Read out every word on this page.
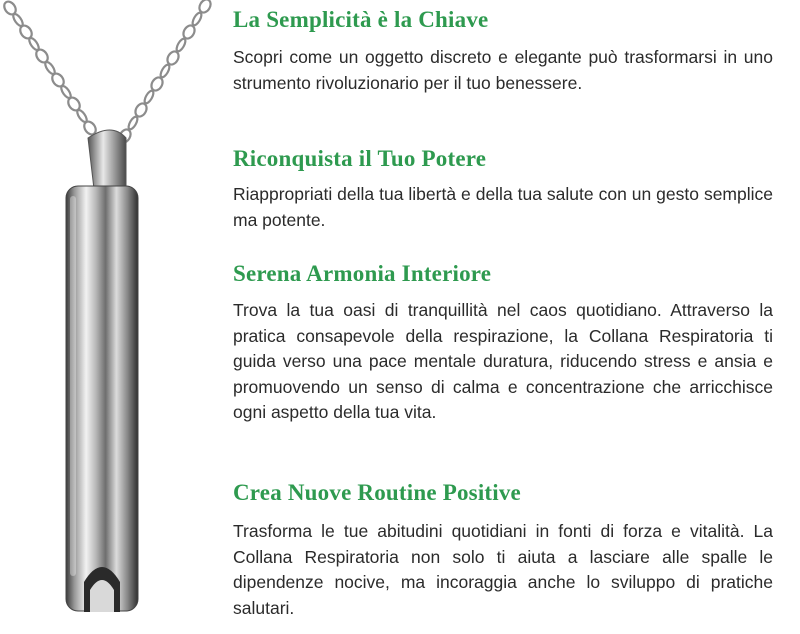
La Semplicità è la Chiave

Scopri come un oggetto discreto e elegante può trasformarsi in uno strumento rivoluzionario per il tuo benessere.

Riconquista il Tuo Potere

Riappropriati della tua libertà e della tua salute con un gesto semplice ma potente.

Serena Armonia Interiore

Trova la tua oasi di tranquillità nel caos quotidiano. Attraverso la pratica consapevole della respirazione, la Collana Respiratoria ti guida verso una pace mentale duratura, riducendo stress e ansia e promuovendo un senso di calma e concentrazione che arricchisce ogni aspetto della tua vita.

Crea Nuove Routine Positive

Trasforma le tue abitudini quotidiani in fonti di forza e vitalità. La Collana Respiratoria non solo ti aiuta a lasciare alle spalle le dipendenze nocive, ma incoraggia anche lo sviluppo di pratiche salutari.
